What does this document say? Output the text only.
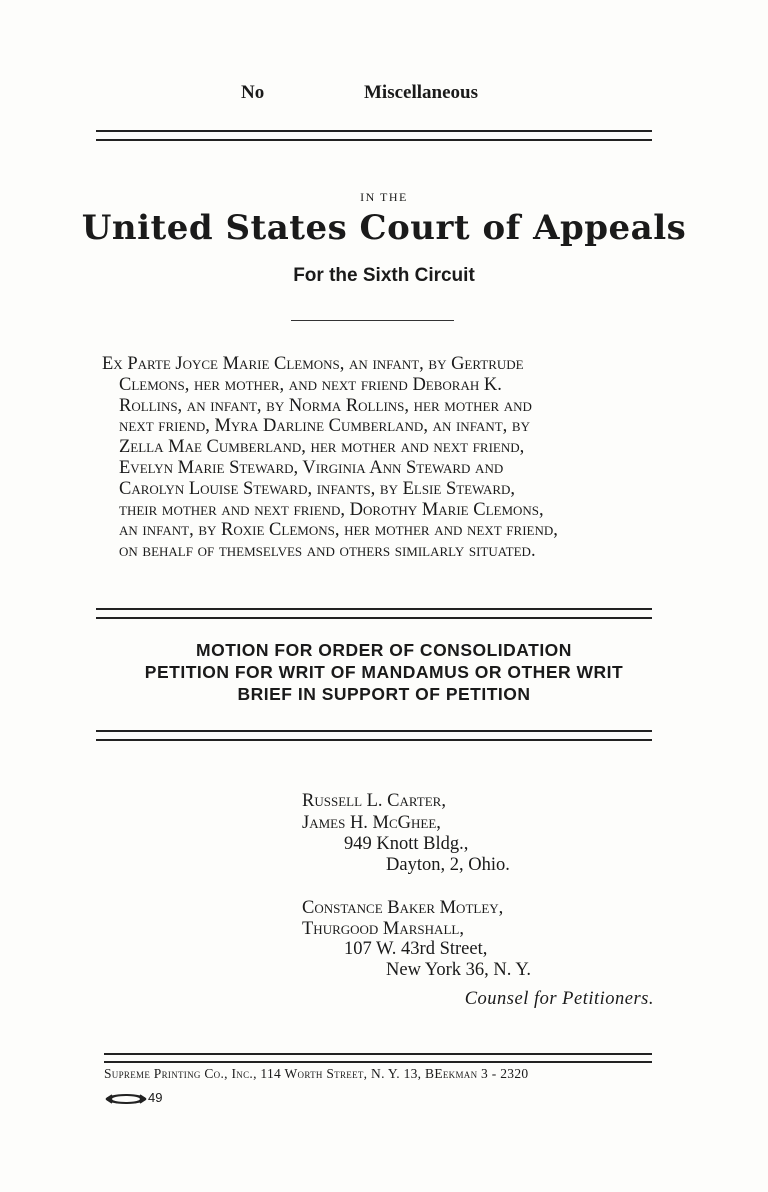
No	Miscellaneous
IN THE
United States Court of Appeals
For the Sixth Circuit
Ex Parte Joyce Marie Clemons, an infant, by Gertrude
Clemons, her mother, and next friend Deborah K.
Rollins, an infant, by Norma Rollins, her mother and
next friend, Myra Darline Cumberland, an infant, by
Zella Mae Cumberland, her mother and next friend,
Evelyn Marie Steward, Virginia Ann Steward and
Carolyn Louise Steward, infants, by Elsie Steward,
their mother and next friend, Dorothy Marie Clemons,
an infant, by Roxie Clemons, her mother and next friend,
on behalf of themselves and others similarly situated.
MOTION FOR ORDER OF CONSOLIDATION
PETITION FOR WRIT OF MANDAMUS OR OTHER WRIT
BRIEF IN SUPPORT OF PETITION
Russell L. Carter,
James H. McGhee,
949 Knott Bldg.,
Dayton, 2, Ohio.
Constance Baker Motley,
Thurgood Marshall,
107 W. 43rd Street,
New York 36, N. Y.
Counsel for Petitioners.
Supreme Printing Co., Inc., 114 Worth Street, N. Y. 13, BEekman 3 - 2320
49
